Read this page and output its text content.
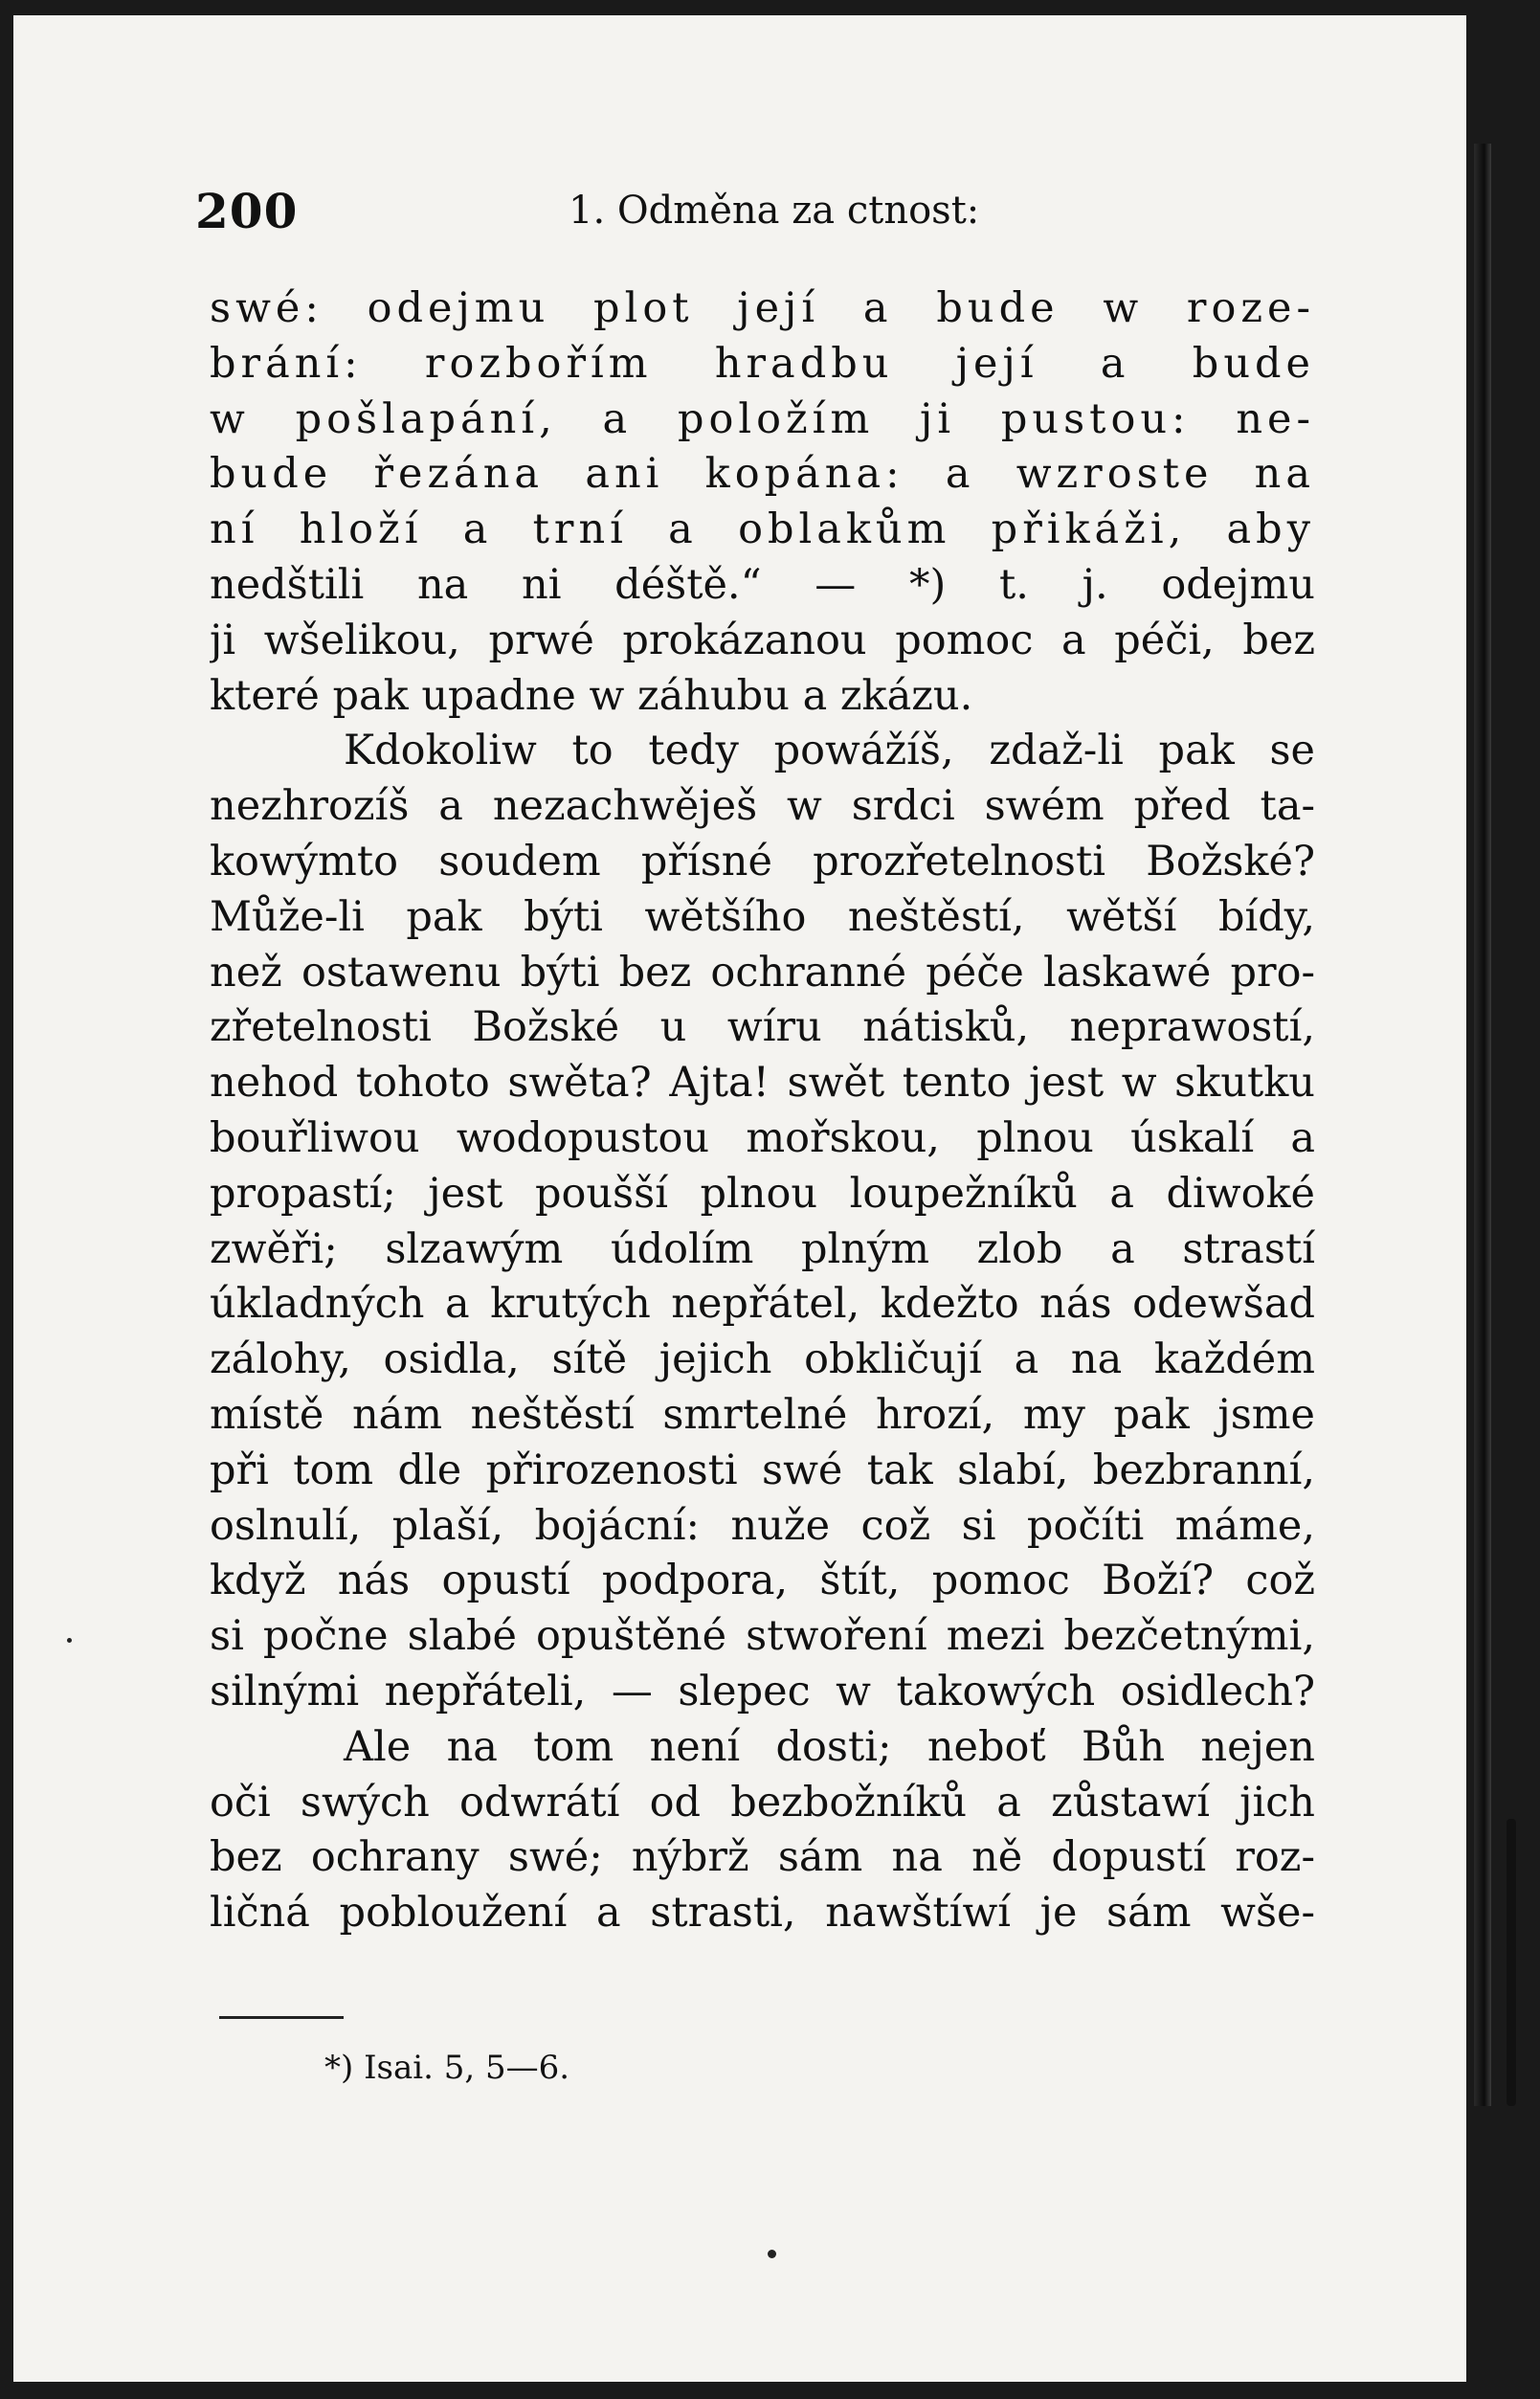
200	1. Odměna za ctnost:
swé: odejmu plot její a bude w roze-
brání: rozbořím hradbu její a bude
w pošlapání, a položím ji pustou: ne-
bude řezána ani kopána: a wzroste na
ní hloží a trní a oblakům přikáži, aby
nedštili na ni déště.“ — *) t. j. odejmu
ji wšelikou, prwé prokázanou pomoc a péči, bez
které pak upadne w záhubu a zkázu.
Kdokoliw to tedy powážíš, zdaž-li pak se
nezhrozíš a nezachwěješ w srdci swém před ta-
kowýmto soudem přísné prozřetelnosti Božské?
Může-li pak býti wětšího neštěstí, wětší bídy,
než ostawenu býti bez ochranné péče laskawé pro-
zřetelnosti Božské u wíru nátisků, neprawostí,
nehod tohoto swěta? Ajta! swět tento jest w skutku
bouřliwou wodopustou mořskou, plnou úskalí a
propastí; jest poušší plnou loupežníků a diwoké
zwěři; slzawým údolím plným zlob a strastí
úkladných a krutých nepřátel, kdežto nás odewšad
zálohy, osidla, sítě jejich obkličují a na každém
místě nám neštěstí smrtelné hrozí, my pak jsme
při tom dle přirozenosti swé tak slabí, bezbranní,
oslnulí, plaší, bojácní: nuže což si počíti máme,
když nás opustí podpora, štít, pomoc Boží? což
si počne slabé opuštěné stwoření mezi bezčetnými,
silnými nepřáteli, — slepec w takowých osidlech?
Ale na tom není dosti; neboť Bůh nejen
oči swých odwrátí od bezbožníků a zůstawí jich
bez ochrany swé; nýbrž sám na ně dopustí roz-
ličná pobloužení a strasti, nawštíwí je sám wše-
*) Isai. 5, 5—6.
